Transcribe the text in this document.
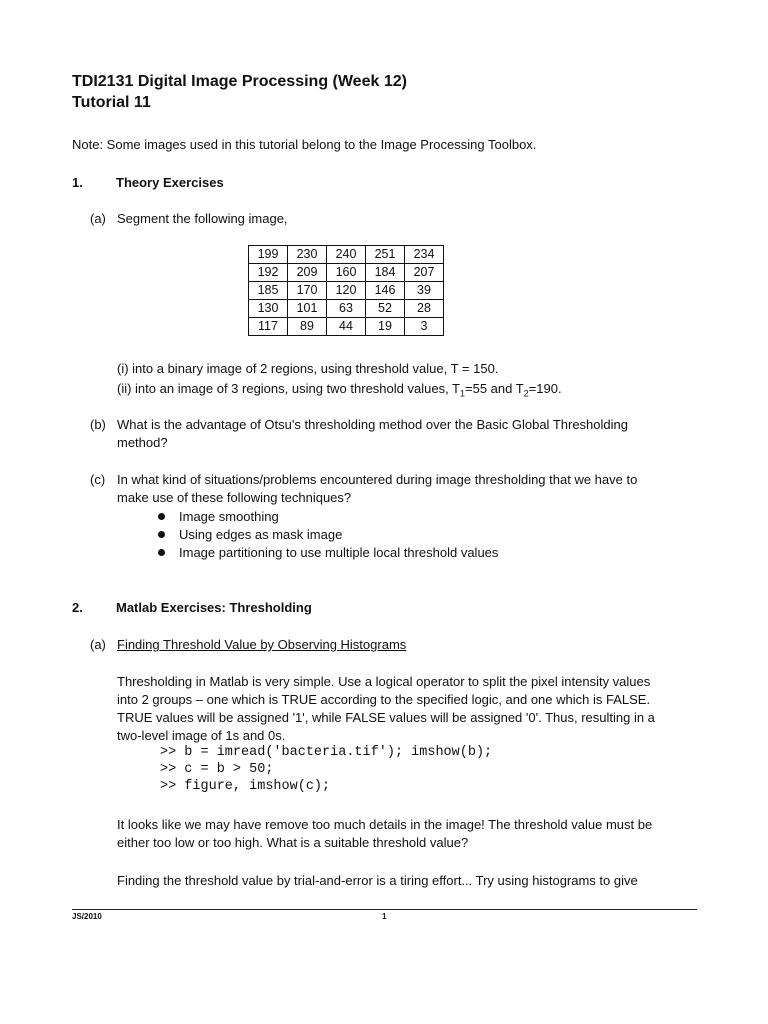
TDI2131 Digital Image Processing (Week 12)
Tutorial 11
Note: Some images used in this tutorial belong to the Image Processing Toolbox.
1.	Theory Exercises
(a) Segment the following image,
199	230	240	251	234
192	209	160	184	207
185	170	120	146	39
130	101	63	52	28
117	89	44	19	3
(i) into a binary image of 2 regions, using threshold value, T = 150.
(ii) into an image of 3 regions, using two threshold values, $T_1=55$ and $T_2=190$.
(b) What is the advantage of Otsu's thresholding method over the Basic Global Thresholding
method?
(c) In what kind of situations/problems encountered during image thresholding that we have to
make use of these following techniques?
Image smoothing
Using edges as mask image
Image partitioning to use multiple local threshold values
2.	Matlab Exercises: Thresholding
(a) Finding Threshold Value by Observing Histograms
Thresholding in Matlab is very simple. Use a logical operator to split the pixel intensity values
into 2 groups – one which is TRUE according to the specified logic, and one which is FALSE.
TRUE values will be assigned '1', while FALSE values will be assigned '0'. Thus, resulting in a
two-level image of 1s and 0s.
>> b = imread('bacteria.tif'); imshow(b);
>> c = b > 50;
>> figure, imshow(c);
It looks like we may have remove too much details in the image! The threshold value must be
either too low or too high. What is a suitable threshold value?
Finding the threshold value by trial-and-error is a tiring effort... Try using histograms to give
JS/2010	1
